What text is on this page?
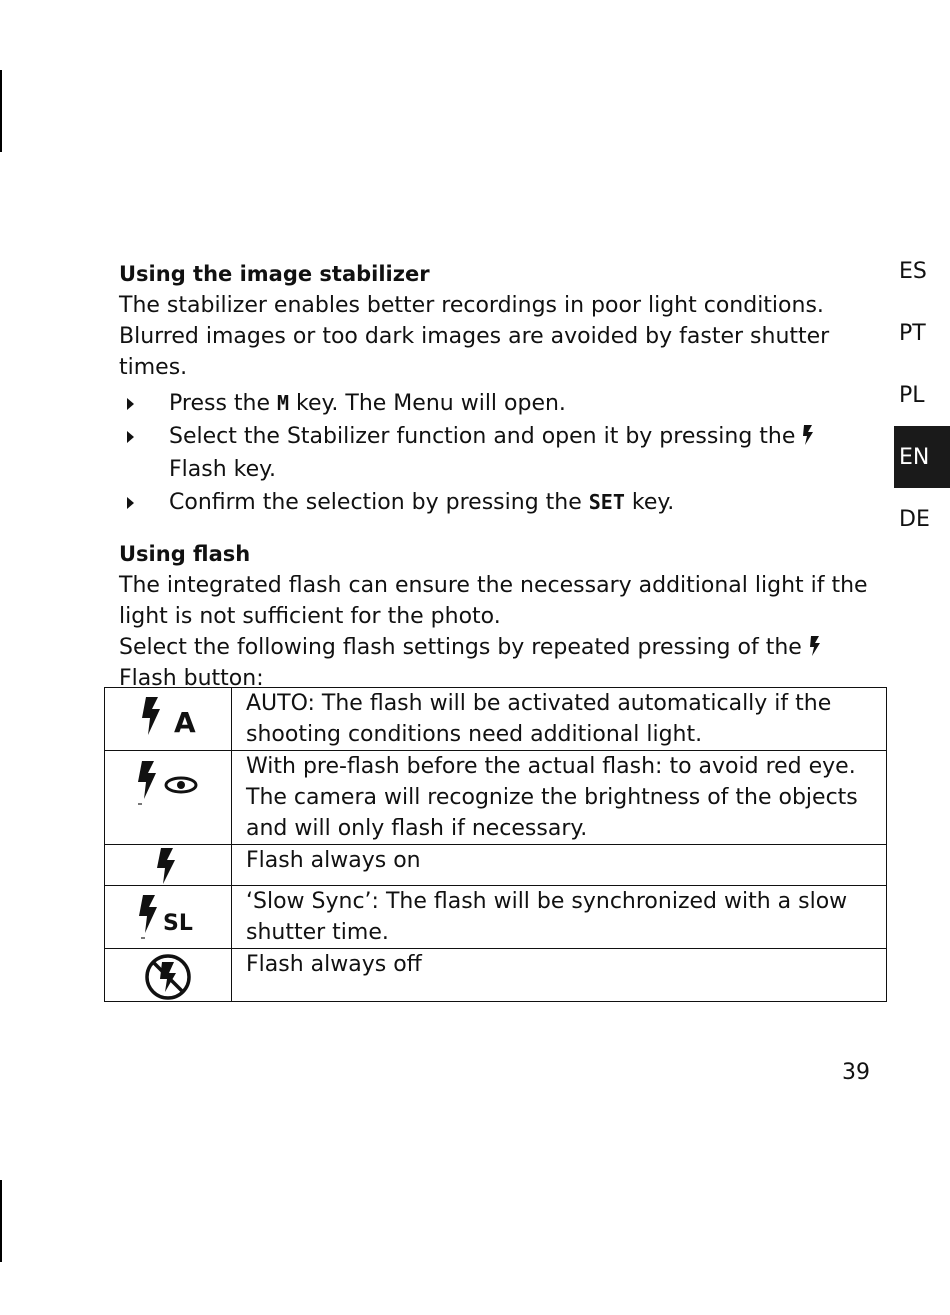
ES
PT
PL
EN
DE
Using the image stabilizer

The stabilizer enables better recordings in poor light conditions. Blurred images or too dark images are avoided by faster shutter times.

Press the M key. The Menu will open.
Select the Stabilizer function and open it by pressing the  Flash key.
Confirm the selection by pressing the SET key.
Using flash

The integrated flash can ensure the necessary additional light if the light is not sufficient for the photo.

Select the following flash settings by repeated pressing of the
Flash button:

A	AUTO: The flash will be activated automatically if the shooting conditions need additional light.

	With pre-flash before the actual flash: to avoid red eye. The camera will recognize the brightness of the objects and will only flash if necessary.

	Flash always on

SL	‘Slow Sync’: The flash will be synchronized with a slow shutter time.

	Flash always off
39
